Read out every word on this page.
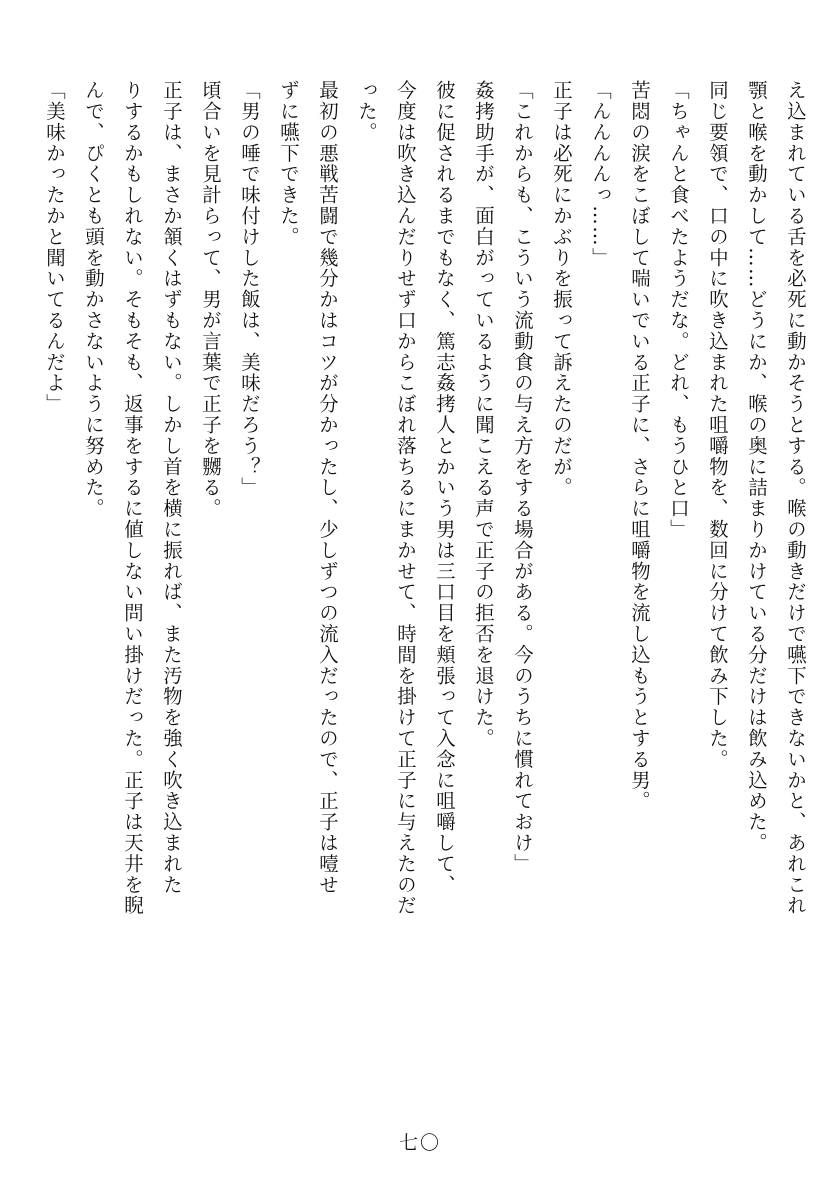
え込まれている舌を必死に動かそうとする。喉の動きだけで嚥下できないかと、あれこれ
顎と喉を動かして……どうにか、喉の奥に詰まりかけている分だけは飲み込めた。
同じ要領で、口の中に吹き込まれた咀嚼物を、数回に分けて飲み下した。
「ちゃんと食べたようだな。どれ、もうひと口」
苦悶の涙をこぼして喘いでいる正子に、さらに咀嚼物を流し込もうとする男。
「んんんんっ……」
正子は必死にかぶりを振って訴えたのだが。
「これからも、こういう流動食の与え方をする場合がある。今のうちに慣れておけ」
姦拷助手が、面白がっているように聞こえる声で正子の拒否を退けた。
彼に促されるまでもなく、篤志姦拷人とかいう男は三口目を頬張って入念に咀嚼して、
今度は吹き込んだりせず口からこぼれ落ちるにまかせて、時間を掛けて正子に与えたのだ
った。
最初の悪戦苦闘で幾分かはコツが分かったし、少しずつの流入だったので、正子は噎せ
ずに嚥下できた。
「男の唾で味付けした飯は、美味だろう？」
頃合いを見計らって、男が言葉で正子を嬲る。
正子は、まさか頷くはずもない。しかし首を横に振れば、また汚物を強く吹き込まれた
りするかもしれない。そもそも、返事をするに値しない問い掛けだった。正子は天井を睨
んで、ぴくとも頭を動かさないように努めた。
「美味かったかと聞いてるんだよ」
七〇
